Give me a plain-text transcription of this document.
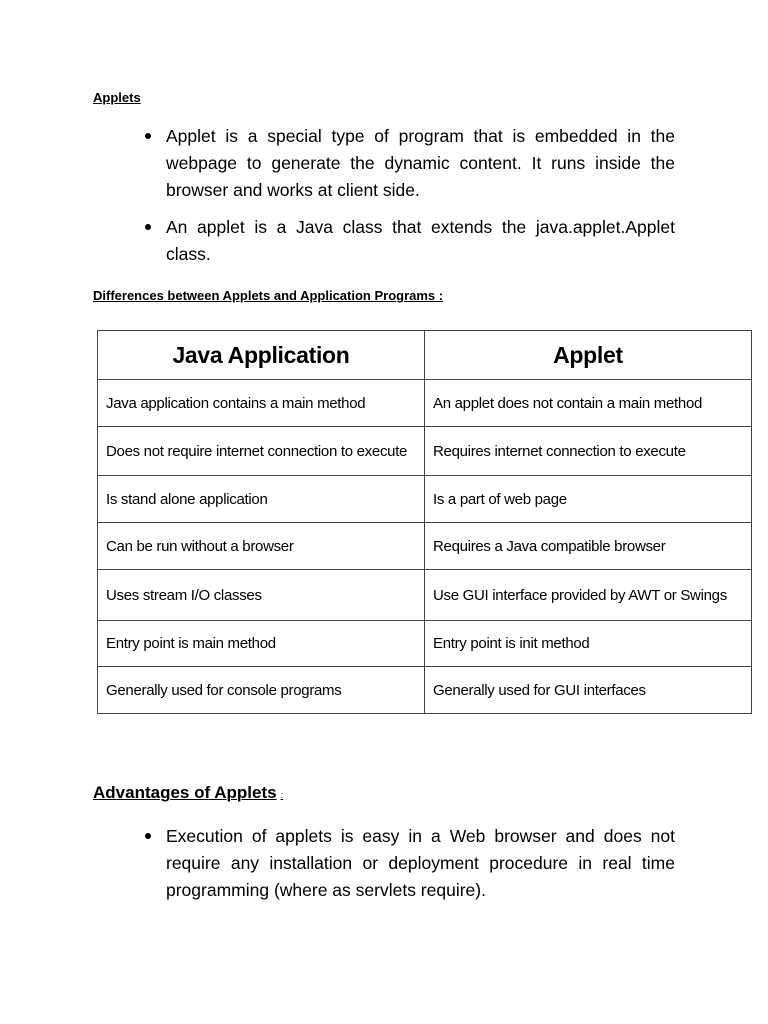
Applets
Applet is a special type of program that is embedded in the webpage to generate the dynamic content. It runs inside the browser and works at client side.
An applet is a Java class that extends the java.applet.Applet class.
Differences between Applets and Application Programs :
Java Application	Applet
Java application contains a main method	An applet does not contain a main method
Does not require internet connection to execute	Requires internet connection to execute
Is stand alone application	Is a part of web page
Can be run without a browser	Requires a Java compatible browser
Uses stream I/O classes	Use GUI interface provided by AWT or Swings
Entry point is main method	Entry point is init method
Generally used for console programs	Generally used for GUI interfaces
Advantages of Applets :
Execution of applets is easy in a Web browser and does not require any installation or deployment procedure in real time programming (where as servlets require).
